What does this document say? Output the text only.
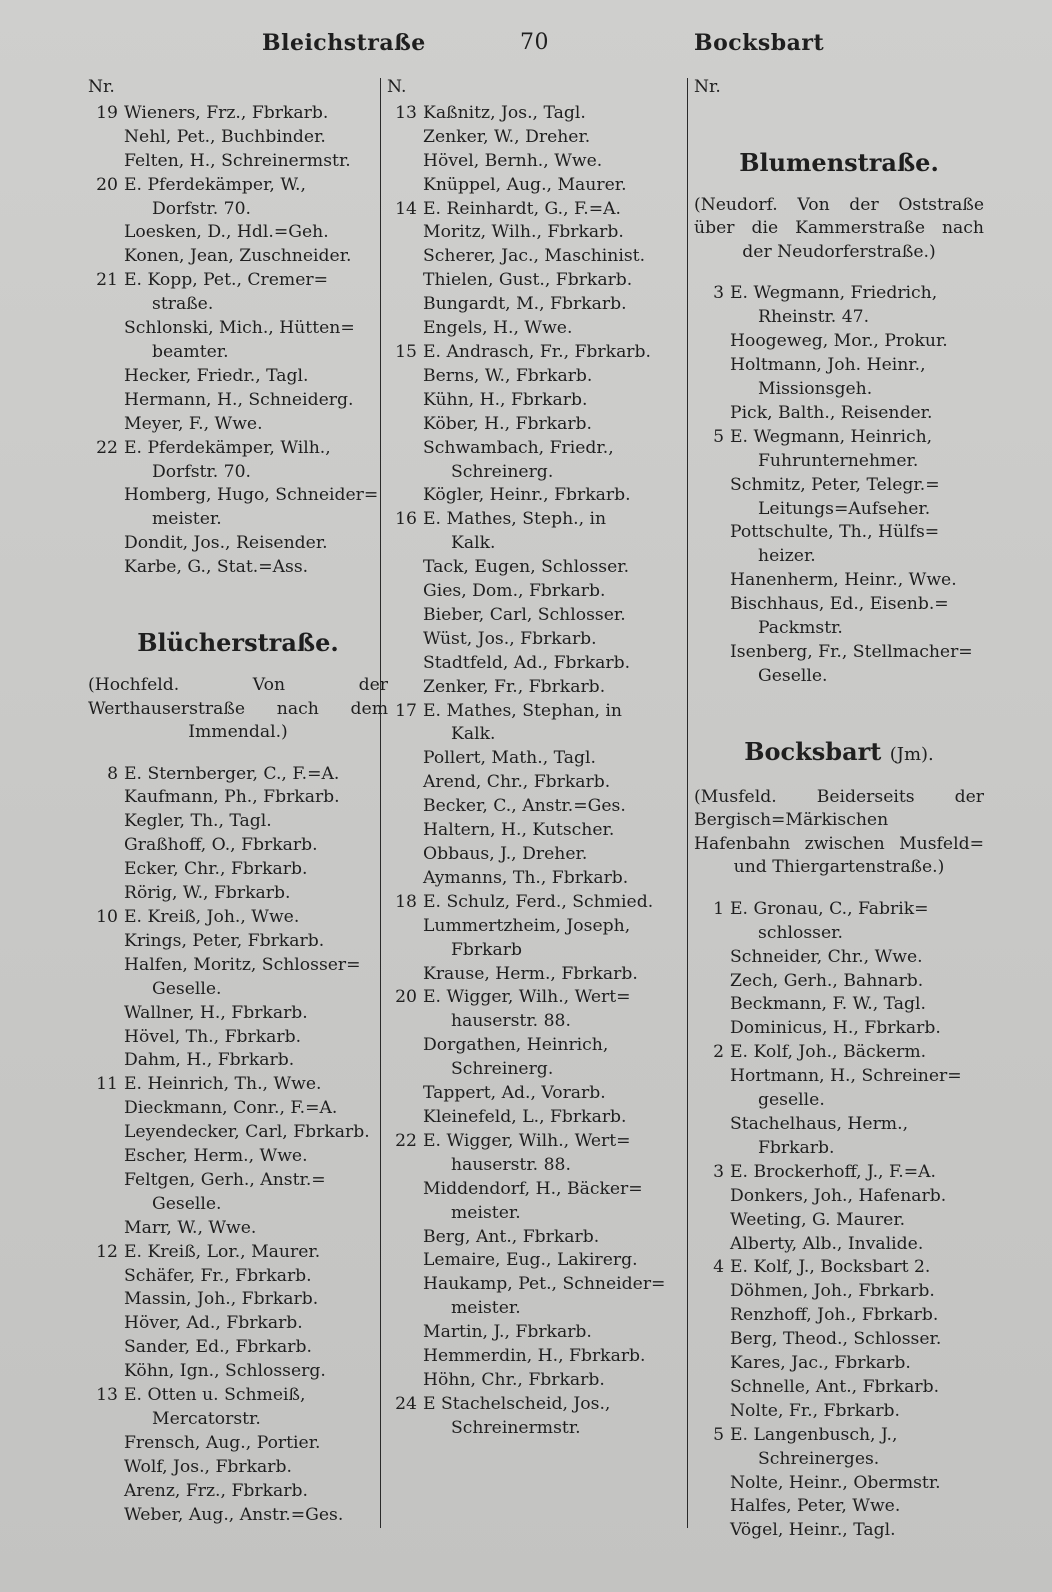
Bleichstraße	70	Bocksbart

Nr.

19 Wieners, Frz., Fbrkarb.

Nehl, Pet., Buchbinder.

Felten, H., Schreinermstr.

20 E. Pferdekämper, W.,

Dorfstr. 70.

Loesken, D., Hdl.=Geh.

Konen, Jean, Zuschneider.

21 E. Kopp, Pet., Cremer=

straße.

Schlonski, Mich., Hütten=

beamter.

Hecker, Friedr., Tagl.

Hermann, H., Schneiderg.

Meyer, F., Wwe.

22 E. Pferdekämper, Wilh.,

Dorfstr. 70.

Homberg, Hugo, Schneider=

meister.

Dondit, Jos., Reisender.

Karbe, G., Stat.=Ass.

Blücherstraße.

(Hochfeld. Von der Werthauserstraße nach dem Immendal.)

8 E. Sternberger, C., F.=A.

Kaufmann, Ph., Fbrkarb.

Kegler, Th., Tagl.

Graßhoff, O., Fbrkarb.

Ecker, Chr., Fbrkarb.

Rörig, W., Fbrkarb.

10 E. Kreiß, Joh., Wwe.

Krings, Peter, Fbrkarb.

Halfen, Moritz, Schlosser=

Geselle.

Wallner, H., Fbrkarb.

Hövel, Th., Fbrkarb.

Dahm, H., Fbrkarb.

11 E. Heinrich, Th., Wwe.

Dieckmann, Conr., F.=A.

Leyendecker, Carl, Fbrkarb.

Escher, Herm., Wwe.

Feltgen, Gerh., Anstr.=

Geselle.

Marr, W., Wwe.

12 E. Kreiß, Lor., Maurer.

Schäfer, Fr., Fbrkarb.

Massin, Joh., Fbrkarb.

Höver, Ad., Fbrkarb.

Sander, Ed., Fbrkarb.

Köhn, Ign., Schlosserg.

13 E. Otten u. Schmeiß,

Mercatorstr.

Frensch, Aug., Portier.

Wolf, Jos., Fbrkarb.

Arenz, Frz., Fbrkarb.

Weber, Aug., Anstr.=Ges.

N.

13 Kaßnitz, Jos., Tagl.

Zenker, W., Dreher.

Hövel, Bernh., Wwe.

Knüppel, Aug., Maurer.

14 E. Reinhardt, G., F.=A.

Moritz, Wilh., Fbrkarb.

Scherer, Jac., Maschinist.

Thielen, Gust., Fbrkarb.

Bungardt, M., Fbrkarb.

Engels, H., Wwe.

15 E. Andrasch, Fr., Fbrkarb.

Berns, W., Fbrkarb.

Kühn, H., Fbrkarb.

Köber, H., Fbrkarb.

Schwambach, Friedr.,

Schreinerg.

Kögler, Heinr., Fbrkarb.

16 E. Mathes, Steph., in

Kalk.

Tack, Eugen, Schlosser.

Gies, Dom., Fbrkarb.

Bieber, Carl, Schlosser.

Wüst, Jos., Fbrkarb.

Stadtfeld, Ad., Fbrkarb.

Zenker, Fr., Fbrkarb.

17 E. Mathes, Stephan, in

Kalk.

Pollert, Math., Tagl.

Arend, Chr., Fbrkarb.

Becker, C., Anstr.=Ges.

Haltern, H., Kutscher.

Obbaus, J., Dreher.

Aymanns, Th., Fbrkarb.

18 E. Schulz, Ferd., Schmied.

Lummertzheim, Joseph,

Fbrkarb

Krause, Herm., Fbrkarb.

20 E. Wigger, Wilh., Wert=

hauserstr. 88.

Dorgathen, Heinrich,

Schreinerg.

Tappert, Ad., Vorarb.

Kleinefeld, L., Fbrkarb.

22 E. Wigger, Wilh., Wert=

hauserstr. 88.

Middendorf, H., Bäcker=

meister.

Berg, Ant., Fbrkarb.

Lemaire, Eug., Lakirerg.

Haukamp, Pet., Schneider=

meister.

Martin, J., Fbrkarb.

Hemmerdin, H., Fbrkarb.

Höhn, Chr., Fbrkarb.

24 E Stachelscheid, Jos.,

Schreinermstr.

Nr.

Blumenstraße.

(Neudorf. Von der Oststraße über die Kammerstraße nach der Neudorferstraße.)

3 E. Wegmann, Friedrich,

Rheinstr. 47.

Hoogeweg, Mor., Prokur.

Holtmann, Joh. Heinr.,

Missionsgeh.

Pick, Balth., Reisender.

5 E. Wegmann, Heinrich,

Fuhrunternehmer.

Schmitz, Peter, Telegr.=

Leitungs=Aufseher.

Pottschulte, Th., Hülfs=

heizer.

Hanenherm, Heinr., Wwe.

Bischhaus, Ed., Eisenb.=

Packmstr.

Isenberg, Fr., Stellmacher=

Geselle.

Bocksbart (Jm).

(Musfeld. Beiderseits der Bergisch=Märkischen Hafenbahn zwischen Musfeld= und Thiergartenstraße.)

1 E. Gronau, C., Fabrik=

schlosser.

Schneider, Chr., Wwe.

Zech, Gerh., Bahnarb.

Beckmann, F. W., Tagl.

Dominicus, H., Fbrkarb.

2 E. Kolf, Joh., Bäckerm.

Hortmann, H., Schreiner=

geselle.

Stachelhaus, Herm.,

Fbrkarb.

3 E. Brockerhoff, J., F.=A.

Donkers, Joh., Hafenarb.

Weeting, G. Maurer.

Alberty, Alb., Invalide.

4 E. Kolf, J., Bocksbart 2.

Döhmen, Joh., Fbrkarb.

Renzhoff, Joh., Fbrkarb.

Berg, Theod., Schlosser.

Kares, Jac., Fbrkarb.

Schnelle, Ant., Fbrkarb.

Nolte, Fr., Fbrkarb.

5 E. Langenbusch, J.,

Schreinerges.

Nolte, Heinr., Obermstr.

Halfes, Peter, Wwe.

Vögel, Heinr., Tagl.
